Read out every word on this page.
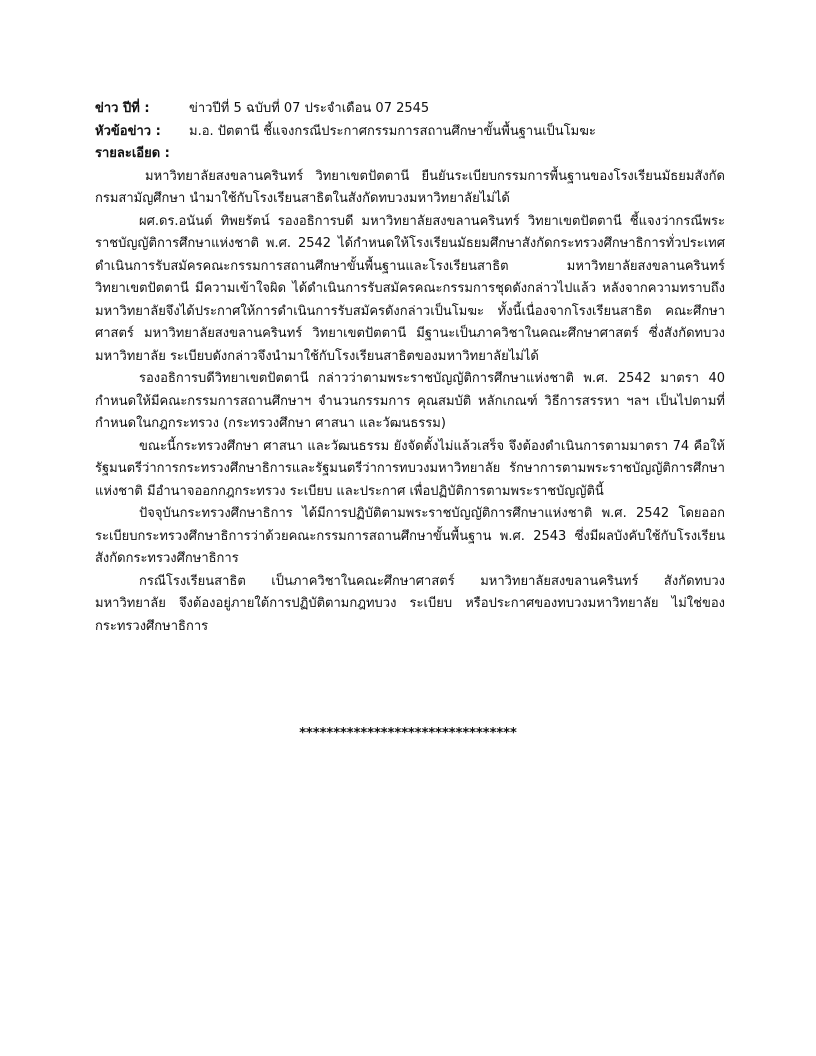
ข่าว ปีที่ :	ข่าวปีที่ 5 ฉบับที่ 07 ประจำเดือน 07 2545
หัวข้อข่าว :	ม.อ. ปัตตานี ชี้แจงกรณีประกาศกรรมการสถานศึกษาขั้นพื้นฐานเป็นโมฆะ
รายละเอียด :

มหาวิทยาลัยสงขลานครินทร์ วิทยาเขตปัตตานี ยืนยันระเบียบกรรมการพื้นฐานของโรงเรียนมัธยมสังกัดกรมสามัญศึกษา นำมาใช้กับโรงเรียนสาธิตในสังกัดทบวงมหาวิทยาลัยไม่ได้

ผศ.ดร.อนันต์ ทิพยรัตน์ รองอธิการบดี มหาวิทยาลัยสงขลานครินทร์ วิทยาเขตปัตตานี ชี้แจงว่ากรณีพระราชบัญญัติการศึกษาแห่งชาติ พ.ศ. 2542 ได้กำหนดให้โรงเรียนมัธยมศึกษาสังกัดกระทรวงศึกษาธิการทั่วประเทศ ดำเนินการรับสมัครคณะกรรมการสถานศึกษาขั้นพื้นฐานและโรงเรียนสาธิต มหาวิทยาลัยสงขลานครินทร์ วิทยาเขตปัตตานี มีความเข้าใจผิด ได้ดำเนินการรับสมัครคณะกรรมการชุดดังกล่าวไปแล้ว หลังจากความทราบถึงมหาวิทยาลัยจึงได้ประกาศให้การดำเนินการรับสมัครดังกล่าวเป็นโมฆะ ทั้งนี้เนื่องจากโรงเรียนสาธิต คณะศึกษาศาสตร์ มหาวิทยาลัยสงขลานครินทร์ วิทยาเขตปัตตานี มีฐานะเป็นภาควิชาในคณะศึกษาศาสตร์ ซึ่งสังกัดทบวงมหาวิทยาลัย ระเบียบดังกล่าวจึงนำมาใช้กับโรงเรียนสาธิตของมหาวิทยาลัยไม่ได้

รองอธิการบดีวิทยาเขตปัตตานี กล่าวว่าตามพระราชบัญญัติการศึกษาแห่งชาติ พ.ศ. 2542 มาตรา 40 กำหนดให้มีคณะกรรมการสถานศึกษาฯ จำนวนกรรมการ คุณสมบัติ หลักเกณฑ์ วิธีการสรรหา ฯลฯ เป็นไปตามที่กำหนดในกฎกระทรวง (กระทรวงศึกษา ศาสนา และวัฒนธรรม)

ขณะนี้กระทรวงศึกษา ศาสนา และวัฒนธรรม ยังจัดตั้งไม่แล้วเสร็จ จึงต้องดำเนินการตามมาตรา 74 คือให้รัฐมนตรีว่าการกระทรวงศึกษาธิการและรัฐมนตรีว่าการทบวงมหาวิทยาลัย รักษาการตามพระราชบัญญัติการศึกษาแห่งชาติ มีอำนาจออกกฎกระทรวง ระเบียบ และประกาศ เพื่อปฏิบัติการตามพระราชบัญญัตินี้

ปัจจุบันกระทรวงศึกษาธิการ ได้มีการปฏิบัติตามพระราชบัญญัติการศึกษาแห่งชาติ พ.ศ. 2542 โดยออกระเบียบกระทรวงศึกษาธิการว่าด้วยคณะกรรมการสถานศึกษาขั้นพื้นฐาน พ.ศ. 2543 ซึ่งมีผลบังคับใช้กับโรงเรียนสังกัดกระทรวงศึกษาธิการ

กรณีโรงเรียนสาธิต เป็นภาควิชาในคณะศึกษาศาสตร์ มหาวิทยาลัยสงขลานครินทร์ สังกัดทบวงมหาวิทยาลัย จึงต้องอยู่ภายใต้การปฏิบัติตามกฎทบวง ระเบียบ หรือประกาศของทบวงมหาวิทยาลัย ไม่ใช่ของกระทรวงศึกษาธิการ

********************************
